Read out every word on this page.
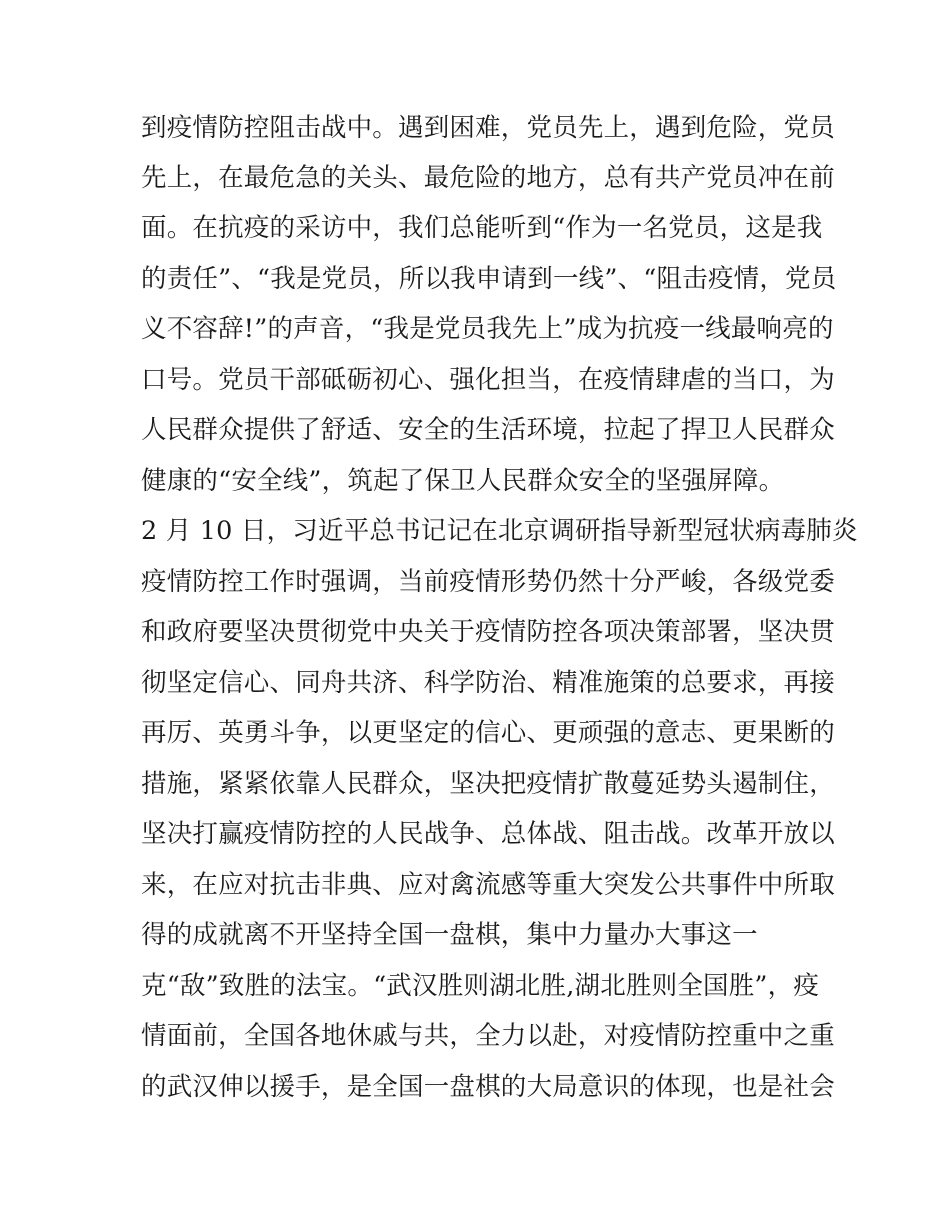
到疫情防控阻击战中。遇到困难，党员先上，遇到危险，党员
先上，在最危急的关头、最危险的地方，总有共产党员冲在前
面。在抗疫的采访中，我们总能听到“作为一名党员，这是我
的责任”、“我是党员，所以我申请到一线”、“阻击疫情，党员
义不容辞!”的声音，“我是党员我先上”成为抗疫一线最响亮的
口号。党员干部砥砺初心、强化担当，在疫情肆虐的当口，为
人民群众提供了舒适、安全的生活环境，拉起了捍卫人民群众
健康的“安全线”，筑起了保卫人民群众安全的坚强屏障。
2 月 10 日，习近平总书记记在北京调研指导新型冠状病毒肺炎
疫情防控工作时强调，当前疫情形势仍然十分严峻，各级党委
和政府要坚决贯彻党中央关于疫情防控各项决策部署，坚决贯
彻坚定信心、同舟共济、科学防治、精准施策的总要求，再接
再厉、英勇斗争，以更坚定的信心、更顽强的意志、更果断的
措施，紧紧依靠人民群众，坚决把疫情扩散蔓延势头遏制住，
坚决打赢疫情防控的人民战争、总体战、阻击战。改革开放以
来，在应对抗击非典、应对禽流感等重大突发公共事件中所取
得的成就离不开坚持全国一盘棋，集中力量办大事这一
克“敌”致胜的法宝。“武汉胜则湖北胜,湖北胜则全国胜”，疫
情面前，全国各地休戚与共，全力以赴，对疫情防控重中之重
的武汉伸以援手，是全国一盘棋的大局意识的体现，也是社会
